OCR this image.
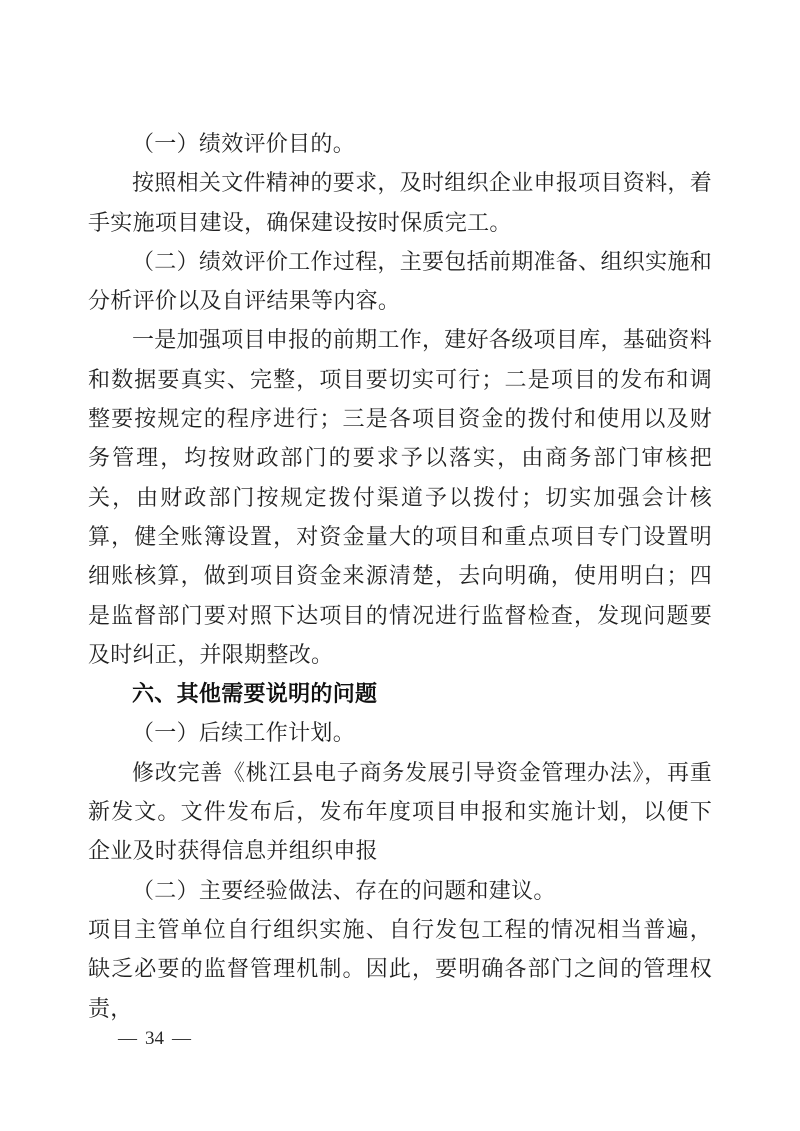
（一）绩效评价目的。

按照相关文件精神的要求，及时组织企业申报项目资料，着手实施项目建设，确保建设按时保质完工。

（二）绩效评价工作过程，主要包括前期准备、组织实施和分析评价以及自评结果等内容。

一是加强项目申报的前期工作，建好各级项目库，基础资料和数据要真实、完整，项目要切实可行；二是项目的发布和调整要按规定的程序进行；三是各项目资金的拨付和使用以及财务管理，均按财政部门的要求予以落实，由商务部门审核把关，由财政部门按规定拨付渠道予以拨付；切实加强会计核算，健全账簿设置，对资金量大的项目和重点项目专门设置明细账核算，做到项目资金来源清楚，去向明确，使用明白；四是监督部门要对照下达项目的情况进行监督检查，发现问题要及时纠正，并限期整改。

六、其他需要说明的问题

（一）后续工作计划。

修改完善《桃江县电子商务发展引导资金管理办法》，再重新发文。文件发布后，发布年度项目申报和实施计划，以便下企业及时获得信息并组织申报

（二）主要经验做法、存在的问题和建议。

项目主管单位自行组织实施、自行发包工程的情况相当普遍，缺乏必要的监督管理机制。因此，要明确各部门之间的管理权责，

— 34 —
